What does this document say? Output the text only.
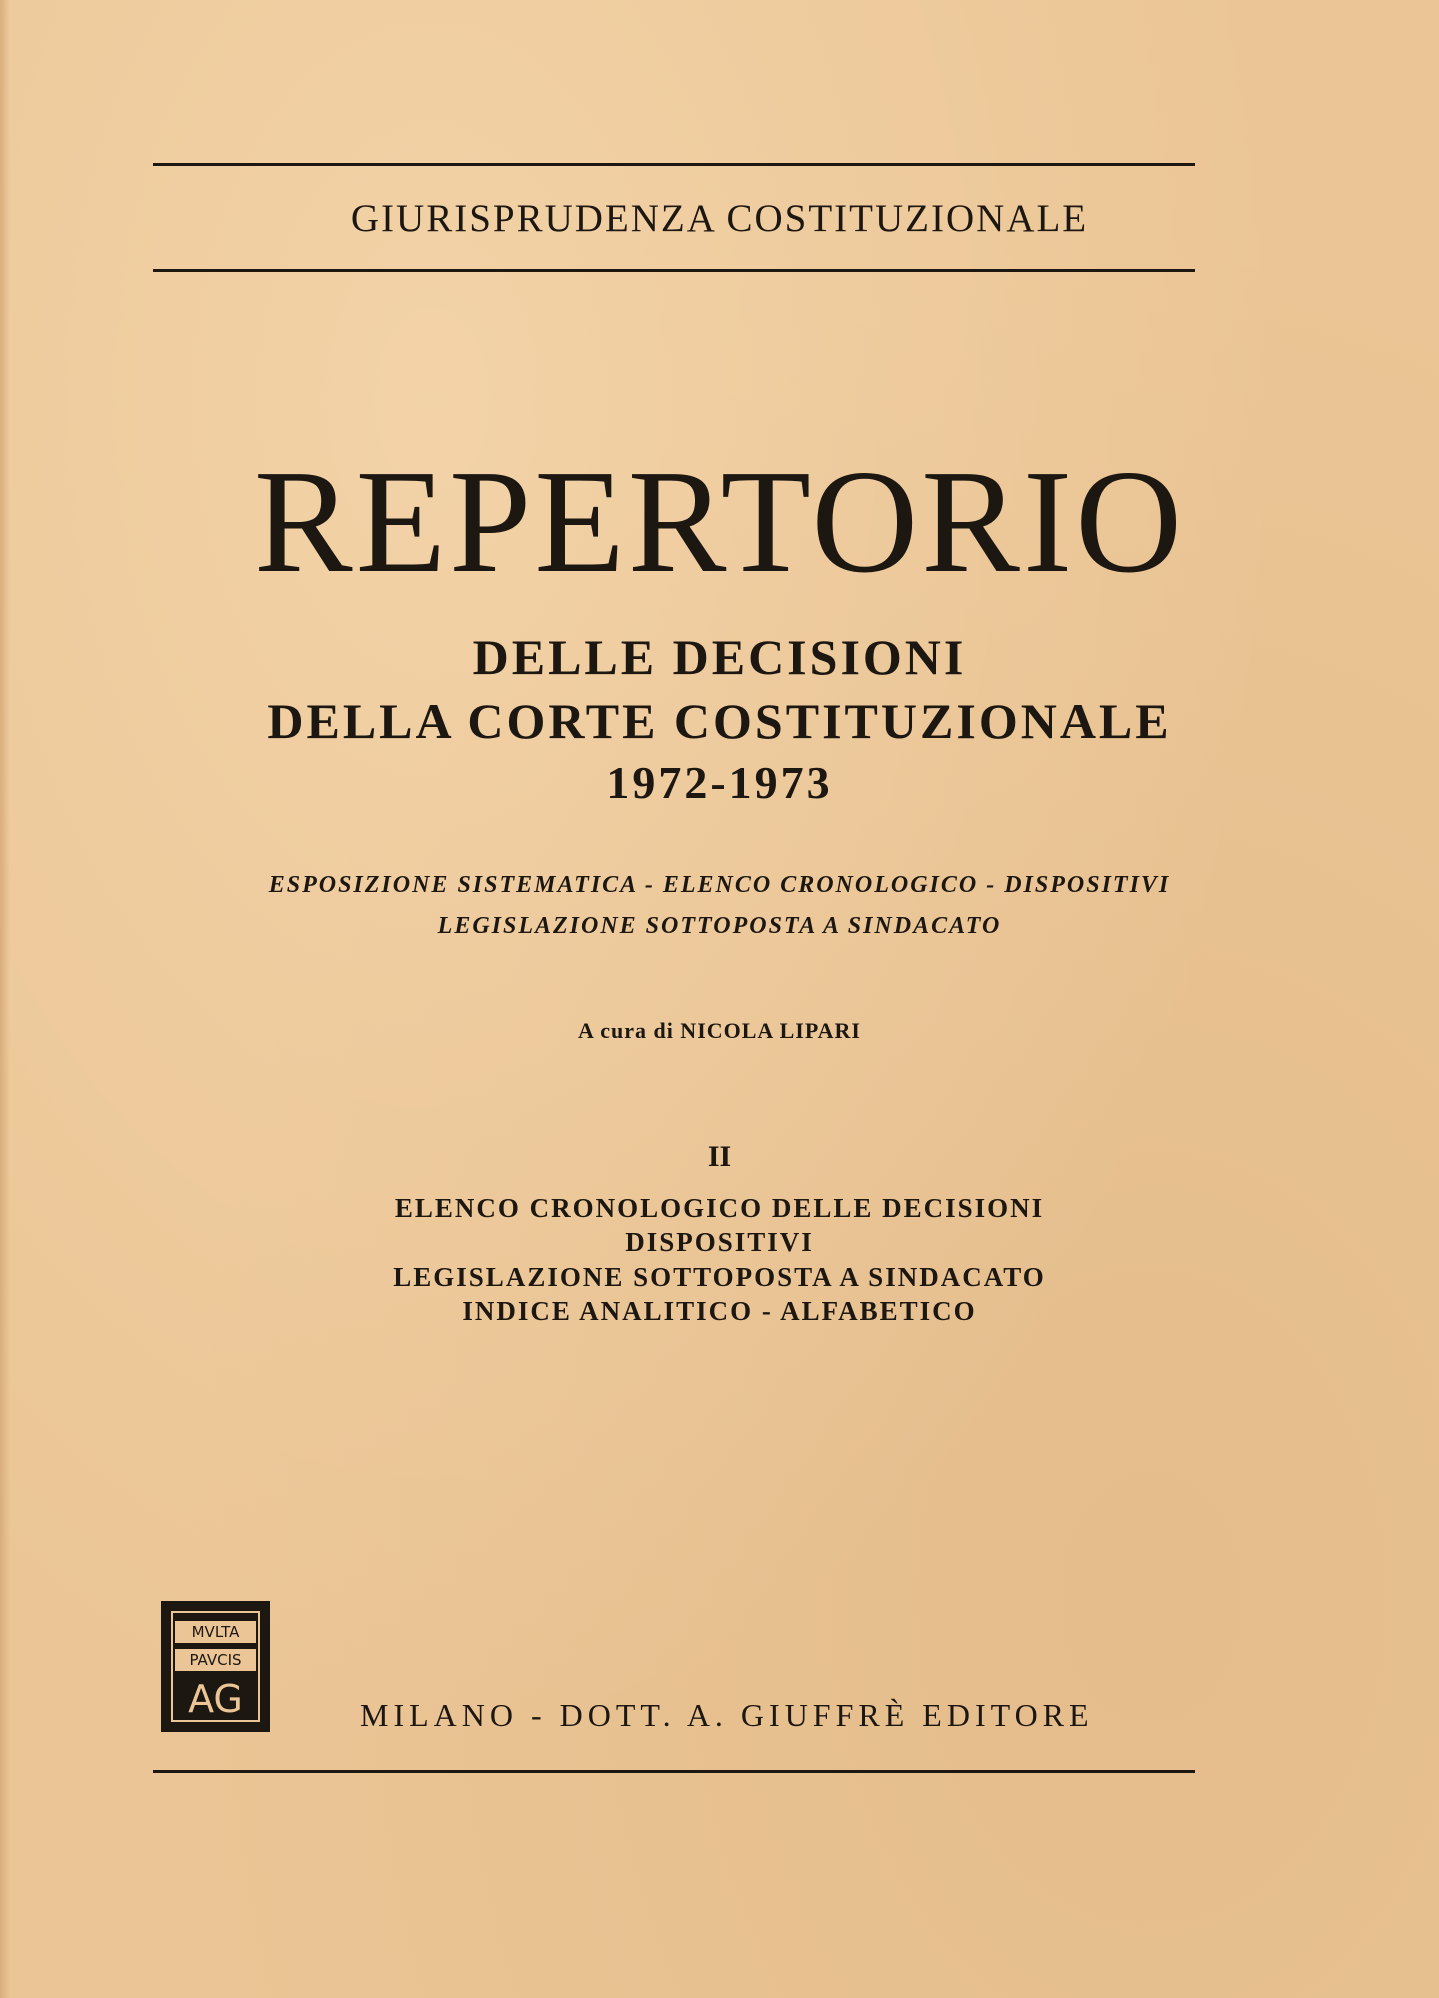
GIURISPRUDENZA COSTITUZIONALE
REPERTORIO
DELLE DECISIONI
DELLA CORTE COSTITUZIONALE
1972-1973
ESPOSIZIONE SISTEMATICA - ELENCO CRONOLOGICO - DISPOSITIVI
LEGISLAZIONE SOTTOPOSTA A SINDACATO
A cura di NICOLA LIPARI
II
ELENCO CRONOLOGICO DELLE DECISIONI
DISPOSITIVI
LEGISLAZIONE SOTTOPOSTA A SINDACATO
INDICE ANALITICO - ALFABETICO
MVLTA
PAVCIS
AG	MILANO - DOTT. A. GIUFFRÈ EDITORE
